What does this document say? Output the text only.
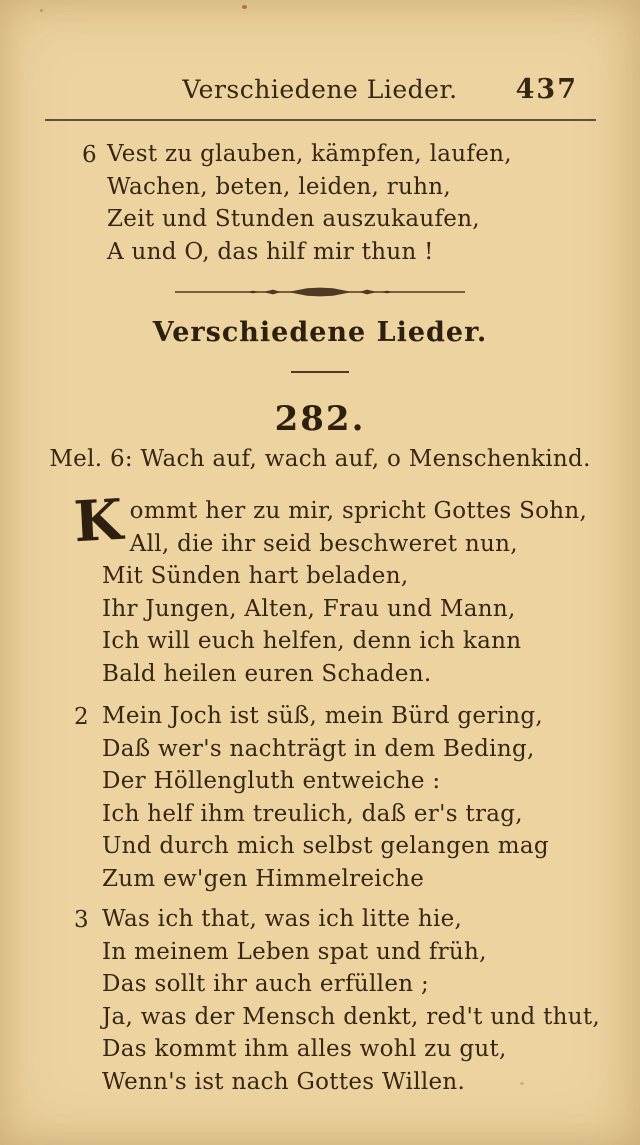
Verschiedene Lieder.	437
6 Vest zu glauben, kämpfen, laufen,
Wachen, beten, leiden, ruhn,
Zeit und Stunden auszukaufen,
A und O, das hilf mir thun !
Verschiedene Lieder.
282.
Mel. 6: Wach auf, wach auf, o Menschenkind.
K ommt her zu mir, spricht Gottes Sohn,
All, die ihr seid beschweret nun,
Mit Sünden hart beladen,
Ihr Jungen, Alten, Frau und Mann,
Ich will euch helfen, denn ich kann
Bald heilen euren Schaden.
2 Mein Joch ist süß, mein Bürd gering,
Daß wer's nachträgt in dem Beding,
Der Höllengluth entweiche :
Ich helf ihm treulich, daß er's trag,
Und durch mich selbst gelangen mag
Zum ew'gen Himmelreiche
3 Was ich that, was ich litte hie,
In meinem Leben spat und früh,
Das sollt ihr auch erfüllen ;
Ja, was der Mensch denkt, red't und thut,
Das kommt ihm alles wohl zu gut,
Wenn's ist nach Gottes Willen.
